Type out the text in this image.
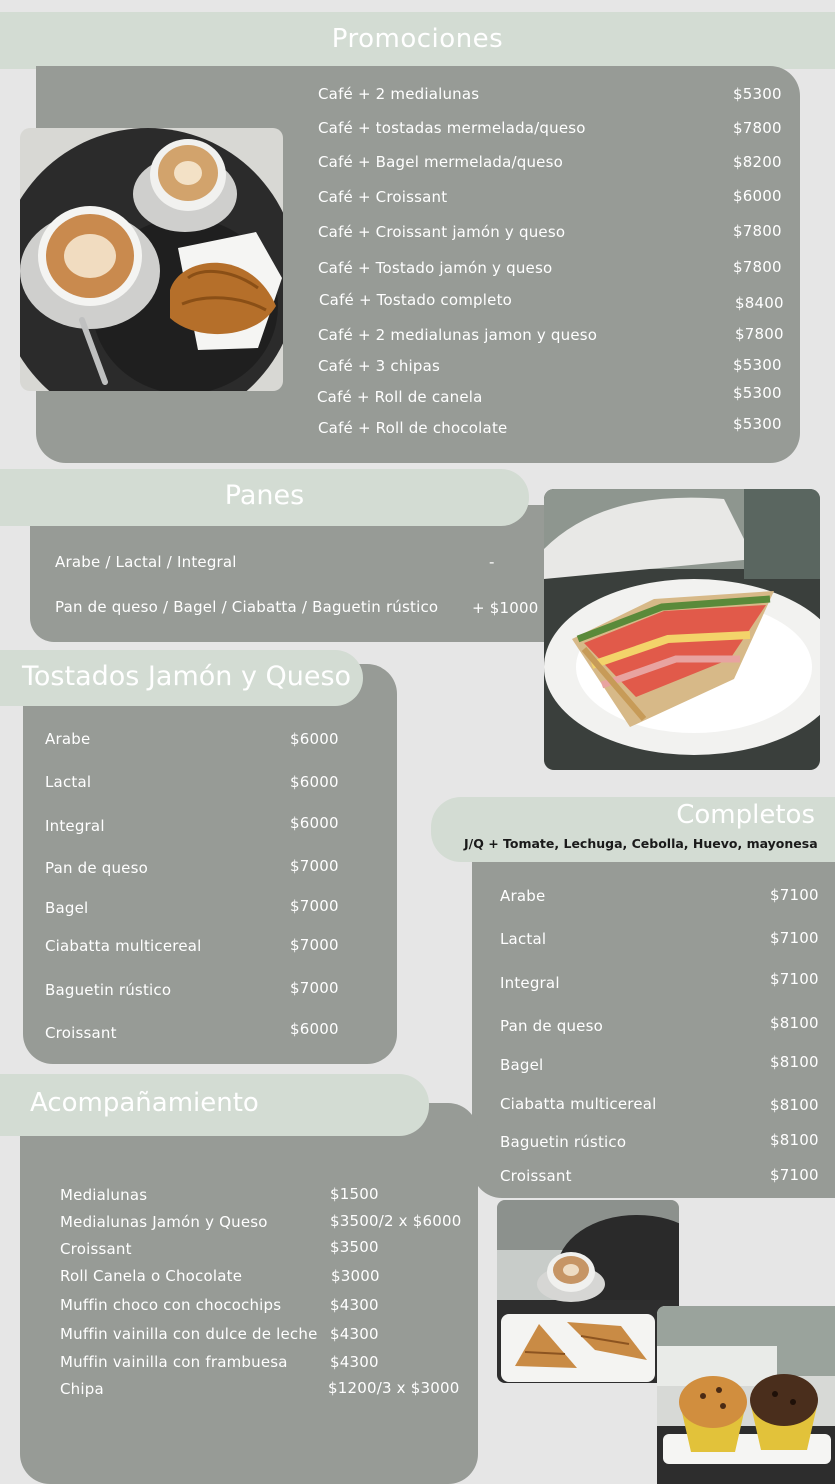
Promociones
Café + 2 medialunas	$5300
Café + tostadas mermelada/queso	$7800
Café + Bagel mermelada/queso	$8200
Café + Croissant	$6000
Café + Croissant jamón y queso	$7800
Café + Tostado jamón y queso	$7800
Café + Tostado completo	$8400
Café + 2 medialunas jamon y queso	$7800
Café + 3 chipas	$5300
Café + Roll de canela	$5300
Café + Roll de chocolate	$5300
Panes
Arabe / Lactal / Integral	-
Pan de queso / Bagel / Ciabatta / Baguetin rústico + $1000
Tostados Jamón y Queso
Arabe	$6000
Lactal	$6000
Integral	$6000
Pan de queso	$7000
Bagel	$7000
Ciabatta multicereal	$7000
Baguetin rústico	$7000
Croissant	$6000
Completos
J/Q + Tomate, Lechuga, Cebolla, Huevo, mayonesa
Arabe	$7100
Lactal	$7100
Integral	$7100
Pan de queso	$8100
Bagel	$8100
Ciabatta multicereal	$8100
Baguetin rústico	$8100
Croissant	$7100
Acompañamiento
Medialunas	$1500
Medialunas Jamón y Queso	$3500/2 x $6000
Croissant	$3500
Roll Canela o Chocolate	$3000
Muffin choco con chocochips	$4300
Muffin vainilla con dulce de leche $4300
Muffin vainilla con frambuesa	$4300
Chipa	$1200/3 x $3000
